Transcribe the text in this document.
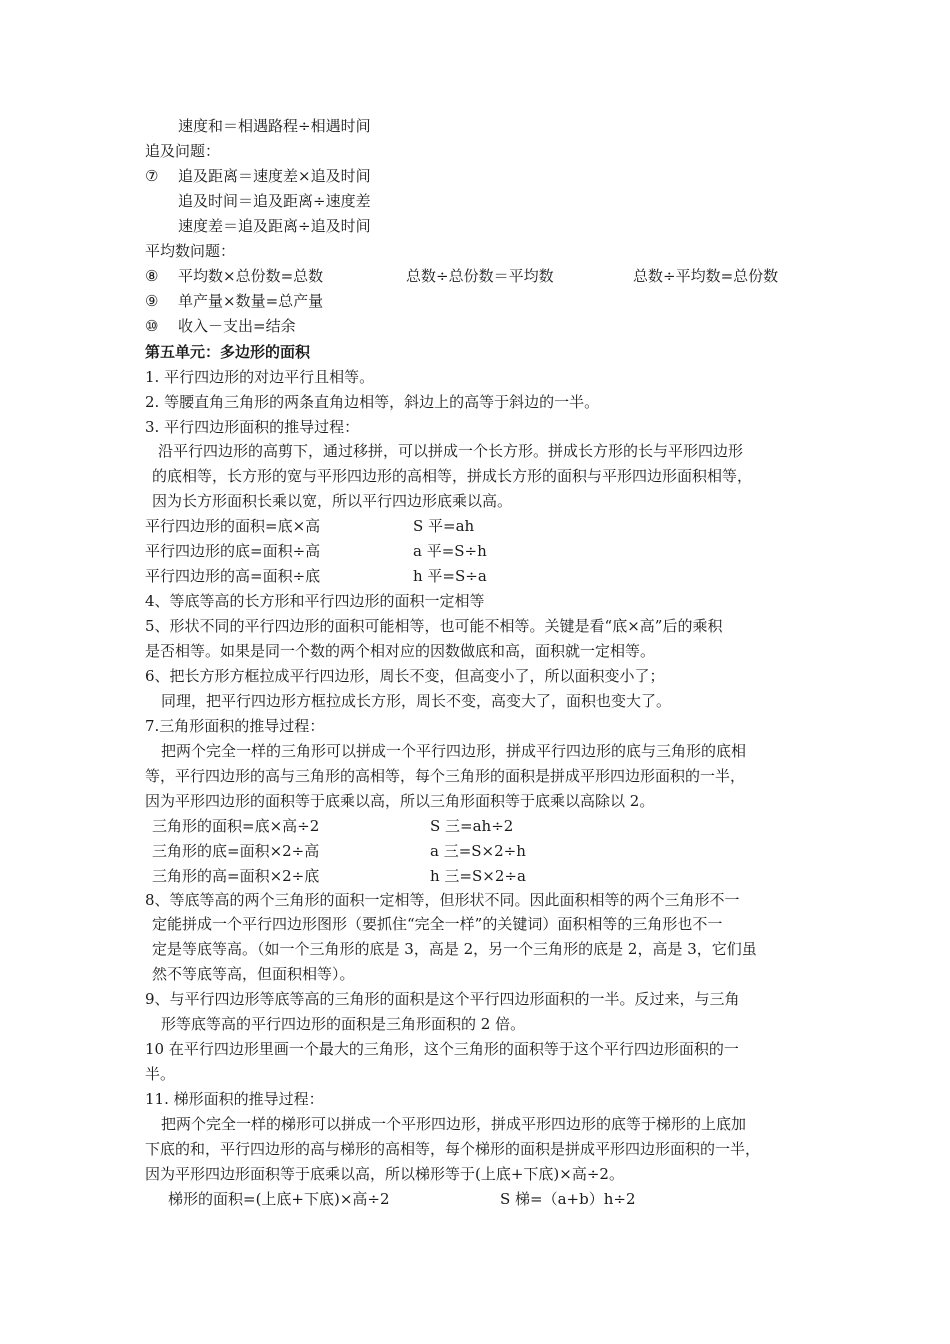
速度和＝相遇路程÷相遇时间
追及问题：
⑦	追及距离＝速度差×追及时间
追及时间＝追及距离÷速度差
速度差＝追及距离÷追及时间
平均数问题：
⑧	平均数×总份数=总数	总数÷总份数＝平均数	总数÷平均数=总份数
⑨	单产量×数量=总产量
⑩	收入－支出=结余
第五单元：多边形的面积
1. 平行四边形的对边平行且相等。
2. 等腰直角三角形的两条直角边相等，斜边上的高等于斜边的一半。
3. 平行四边形面积的推导过程：
沿平行四边形的高剪下，通过移拼，可以拼成一个长方形。拼成长方形的长与平形四边形
的底相等，长方形的宽与平形四边形的高相等，拼成长方形的面积与平形四边形面积相等，
因为长方形面积长乘以宽，所以平行四边形底乘以高。
平行四边形的面积=底×高	S 平=ah
平行四边形的底=面积÷高	a 平=S÷h
平行四边形的高=面积÷底	h 平=S÷a
4、等底等高的长方形和平行四边形的面积一定相等
5、形状不同的平行四边形的面积可能相等，也可能不相等。关键是看“底×高”后的乘积
是否相等。如果是同一个数的两个相对应的因数做底和高，面积就一定相等。
6、把长方形方框拉成平行四边形，周长不变，但高变小了，所以面积变小了；
同理，把平行四边形方框拉成长方形，周长不变，高变大了，面积也变大了。
7.三角形面积的推导过程：
把两个完全一样的三角形可以拼成一个平行四边形，拼成平行四边形的底与三角形的底相
等，平行四边形的高与三角形的高相等，每个三角形的面积是拼成平形四边形面积的一半，
因为平形四边形的面积等于底乘以高，所以三角形面积等于底乘以高除以 2。
三角形的面积=底×高÷2	S 三=ah÷2
三角形的底=面积×2÷高	a 三=S×2÷h
三角形的高=面积×2÷底	h 三=S×2÷a
8、等底等高的两个三角形的面积一定相等，但形状不同。因此面积相等的两个三角形不一
定能拼成一个平行四边形图形（要抓住“完全一样”的关键词）面积相等的三角形也不一
定是等底等高。（如一个三角形的底是 3，高是 2，另一个三角形的底是 2，高是 3，它们虽
然不等底等高，但面积相等）。
9、与平行四边形等底等高的三角形的面积是这个平行四边形面积的一半。反过来，与三角
形等底等高的平行四边形的面积是三角形面积的 2 倍。
10 在平行四边形里画一个最大的三角形，这个三角形的面积等于这个平行四边形面积的一
半。
11. 梯形面积的推导过程：
把两个完全一样的梯形可以拼成一个平形四边形，拼成平形四边形的底等于梯形的上底加
下底的和，平行四边形的高与梯形的高相等，每个梯形的面积是拼成平形四边形面积的一半，
因为平形四边形面积等于底乘以高，所以梯形等于(上底+下底)×高÷2。
梯形的面积=(上底+下底)×高÷2	S 梯=（a+b）h÷2
